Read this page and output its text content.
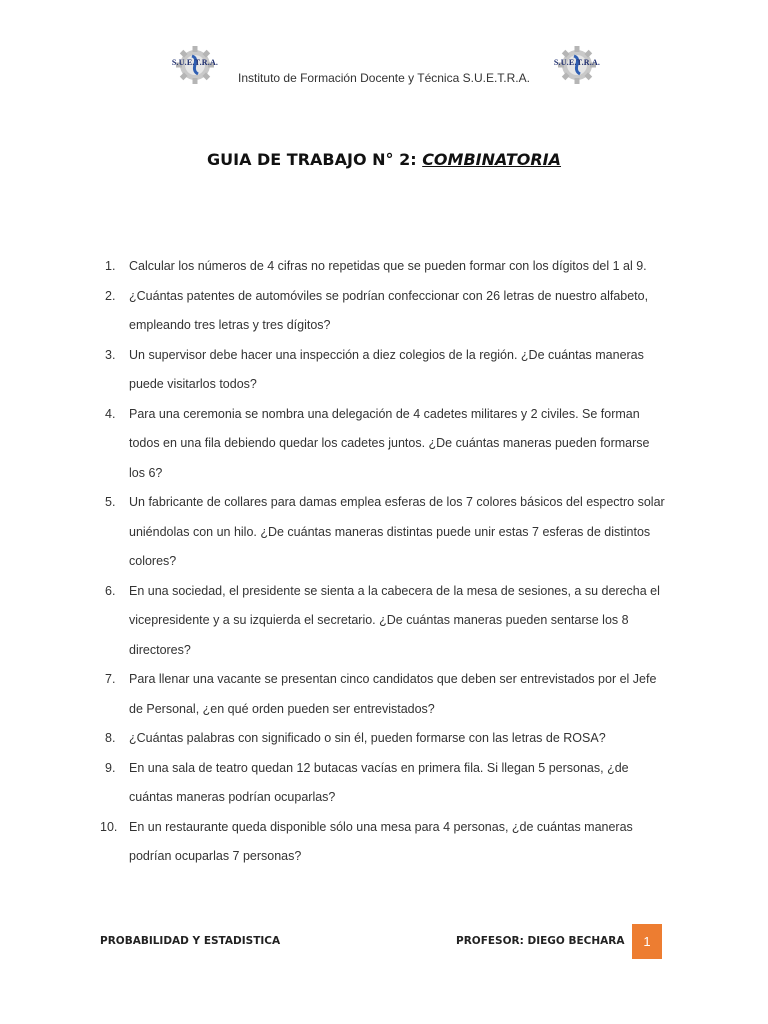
S.U.E.T.R.A.	S.U.E.T.R.A.
Instituto de Formación Docente y Técnica S.U.E.T.R.A.
GUIA DE TRABAJO N° 2: COMBINATORIA
1. Calcular los números de 4 cifras no repetidas que se pueden formar con los dígitos del 1 al 9.
2. ¿Cuántas patentes de automóviles se podrían confeccionar con 26 letras de nuestro alfabeto, empleando tres letras y tres dígitos?
3. Un supervisor debe hacer una inspección a diez colegios de la región. ¿De cuántas maneras puede visitarlos todos?
4. Para una ceremonia se nombra una delegación de 4 cadetes militares y 2 civiles. Se forman todos en una fila debiendo quedar los cadetes juntos. ¿De cuántas maneras pueden formarse los 6?
5. Un fabricante de collares para damas emplea esferas de los 7 colores básicos del espectro solar uniéndolas con un hilo. ¿De cuántas maneras distintas puede unir estas 7 esferas de distintos colores?
6. En una sociedad, el presidente se sienta a la cabecera de la mesa de sesiones, a su derecha el vicepresidente y a su izquierda el secretario. ¿De cuántas maneras pueden sentarse los 8 directores?
7. Para llenar una vacante se presentan cinco candidatos que deben ser entrevistados por el Jefe de Personal, ¿en qué orden pueden ser entrevistados?
8. ¿Cuántas palabras con significado o sin él, pueden formarse con las letras de ROSA?
9. En una sala de teatro quedan 12 butacas vacías en primera fila. Si llegan 5 personas, ¿de cuántas maneras podrían ocuparlas?
10. En un restaurante queda disponible sólo una mesa para 4 personas, ¿de cuántas maneras podrían ocuparlas 7 personas?
PROBABILIDAD Y ESTADISTICA	PROFESOR: DIEGO BECHARA	1
